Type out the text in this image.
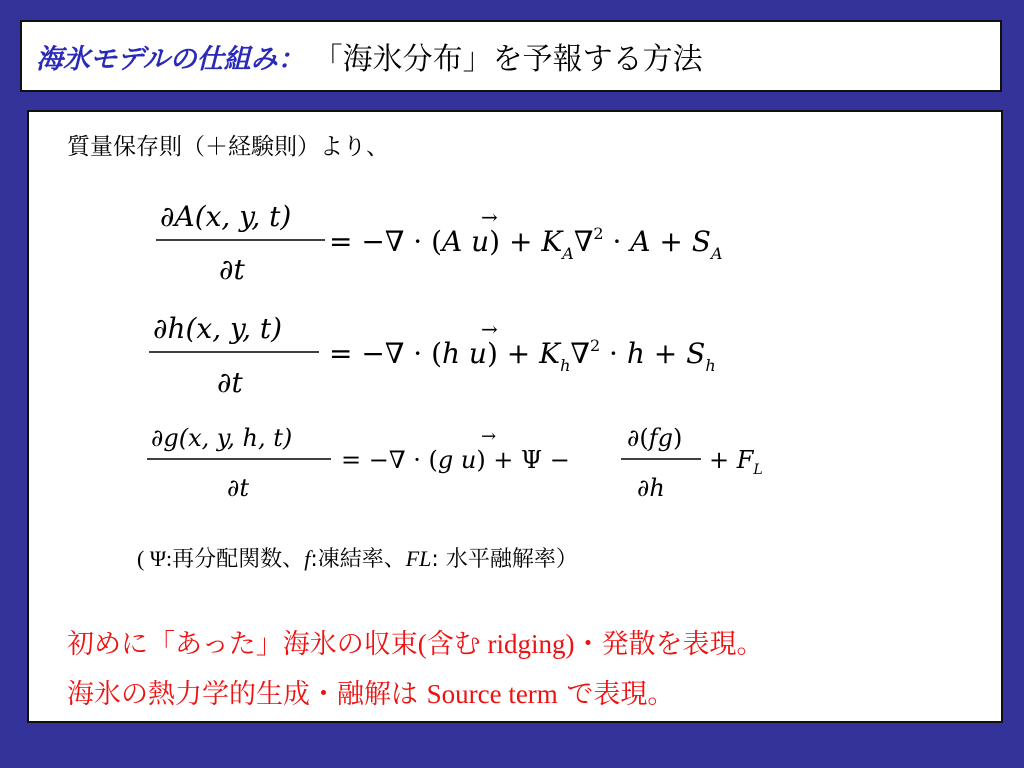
海氷モデルの仕組み： 「海氷分布」を予報する方法
質量保存則（＋経験則）より、
∂A(x, y, t)
∂t
= −∇ · (A $u) + K_A\nabla^2 \cdot A + S_A$
→
∂h(x, y, t)
∂t
= −∇ · (h $u) + K_h\nabla^2 \cdot h + S_h$
→
∂g(x, y, h, t)
∂t
= −∇ · (g u) + Ψ −
→	∂(fg)
∂h
+ $F_L$
( Ψ:再分配関数、f:凍結率、FL: 水平融解率）
初めに「あった」海氷の収束(含む ridging)・発散を表現。
海氷の熱力学的生成・融解は Source term で表現。
